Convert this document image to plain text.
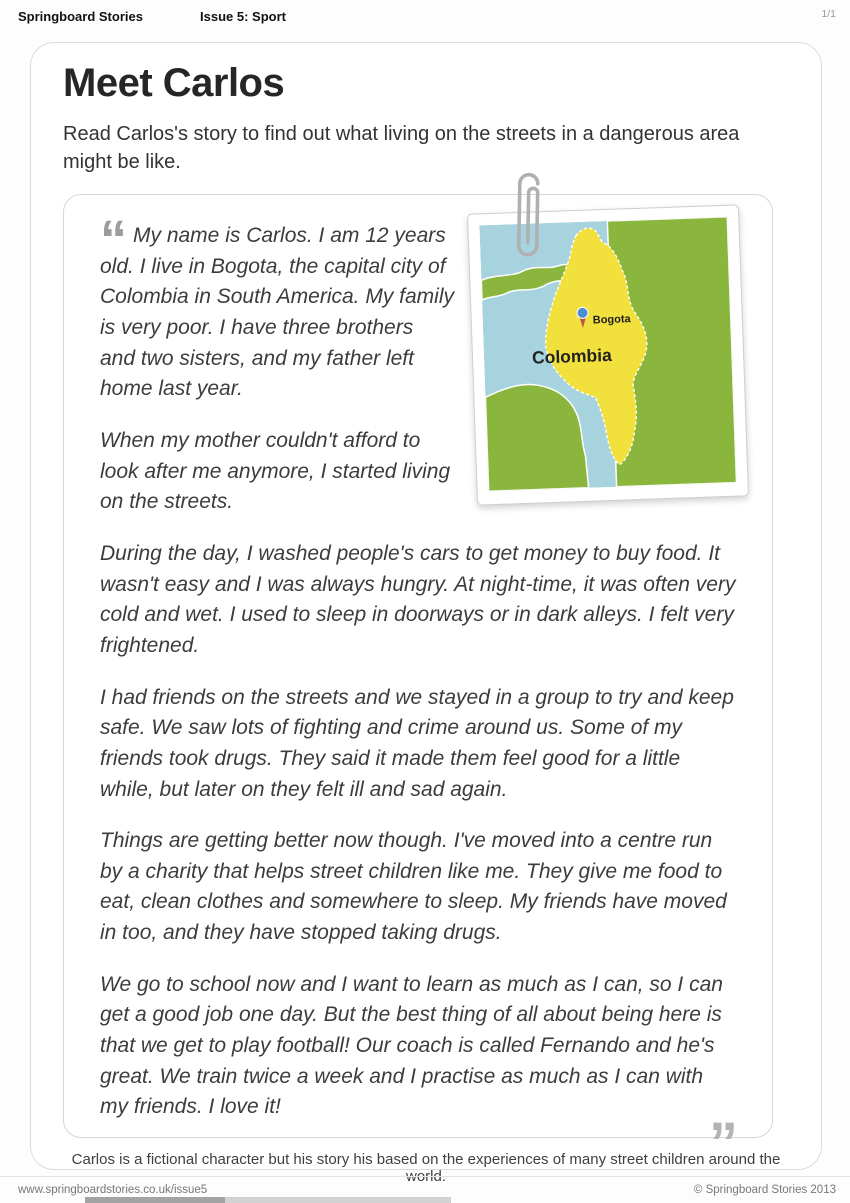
Springboard Stories	Issue 5: Sport	1/1
Meet Carlos

Read Carlos's story to find out what living on the streets in a dangerous area might be like.

Bogota
Colombia

“ My name is Carlos. I am 12 years old. I live in Bogota, the capital city of Colombia in South America. My family is very poor. I have three brothers and two sisters, and my father left home last year.

When my mother couldn't afford to look after me anymore, I started living on the streets.

During the day, I washed people's cars to get money to buy food. It wasn't easy and I was always hungry. At night-time, it was often very cold and wet. I used to sleep in doorways or in dark alleys. I felt very frightened.

I had friends on the streets and we stayed in a group to try and keep safe. We saw lots of fighting and crime around us. Some of my friends took drugs. They said it made them feel good for a little while, but later on they felt ill and sad again.

Things are getting better now though. I've moved into a centre run by a charity that helps street children like me. They give me food to eat, clean clothes and somewhere to sleep. My friends have moved in too, and they have stopped taking drugs.

We go to school now and I want to learn as much as I can, so I can get a good job one day. But the best thing of all about being here is that we get to play football! Our coach is called Fernando and he's great. We train twice a week and I practise as much as I can with my friends. I love it!

”

Carlos is a fictional character but his story his based on the experiences of many street children around the world.

www.springboardstories.co.uk/issue5	© Springboard Stories 2013
